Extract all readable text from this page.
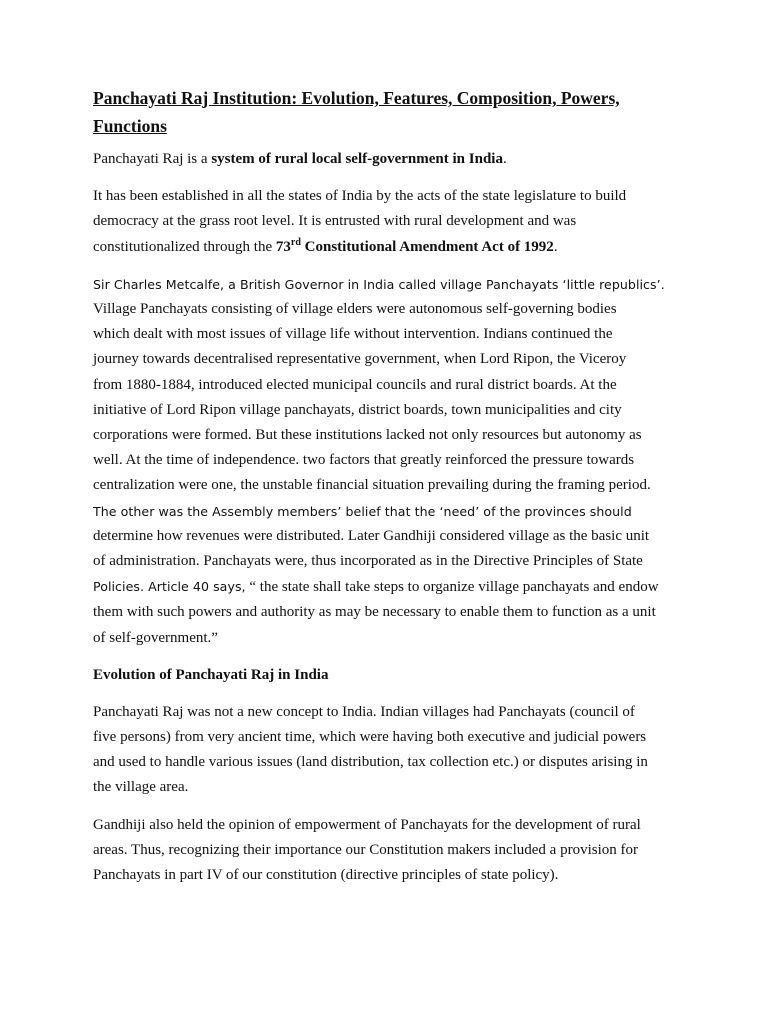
Panchayati Raj Institution: Evolution, Features, Composition, Powers,
Functions

Panchayati Raj is a system of rural local self-government in India.

It has been established in all the states of India by the acts of the state legislature to build
democracy at the grass root level. It is entrusted with rural development and was
constitutionalized through the 73rd Constitutional Amendment Act of 1992.

Sir Charles Metcalfe, a British Governor in India called village Panchayats ‘little republics’.
Village Panchayats consisting of village elders were autonomous self-governing bodies
which dealt with most issues of village life without intervention. Indians continued the
journey towards decentralised representative government, when Lord Ripon, the Viceroy
from 1880-1884, introduced elected municipal councils and rural district boards. At the
initiative of Lord Ripon village panchayats, district boards, town municipalities and city
corporations were formed. But these institutions lacked not only resources but autonomy as
well. At the time of independence. two factors that greatly reinforced the pressure towards
centralization were one, the unstable financial situation prevailing during the framing period.
The other was the Assembly members’ belief that the ‘need’ of the provinces should
determine how revenues were distributed. Later Gandhiji considered village as the basic unit
of administration. Panchayats were, thus incorporated as in the Directive Principles of State
Policies. Article 40 says, “ the state shall take steps to organize village panchayats and endow
them with such powers and authority as may be necessary to enable them to function as a unit
of self-government.”

Evolution of Panchayati Raj in India

Panchayati Raj was not a new concept to India. Indian villages had Panchayats (council of
five persons) from very ancient time, which were having both executive and judicial powers
and used to handle various issues (land distribution, tax collection etc.) or disputes arising in
the village area.

Gandhiji also held the opinion of empowerment of Panchayats for the development of rural
areas. Thus, recognizing their importance our Constitution makers included a provision for
Panchayats in part IV of our constitution (directive principles of state policy).
